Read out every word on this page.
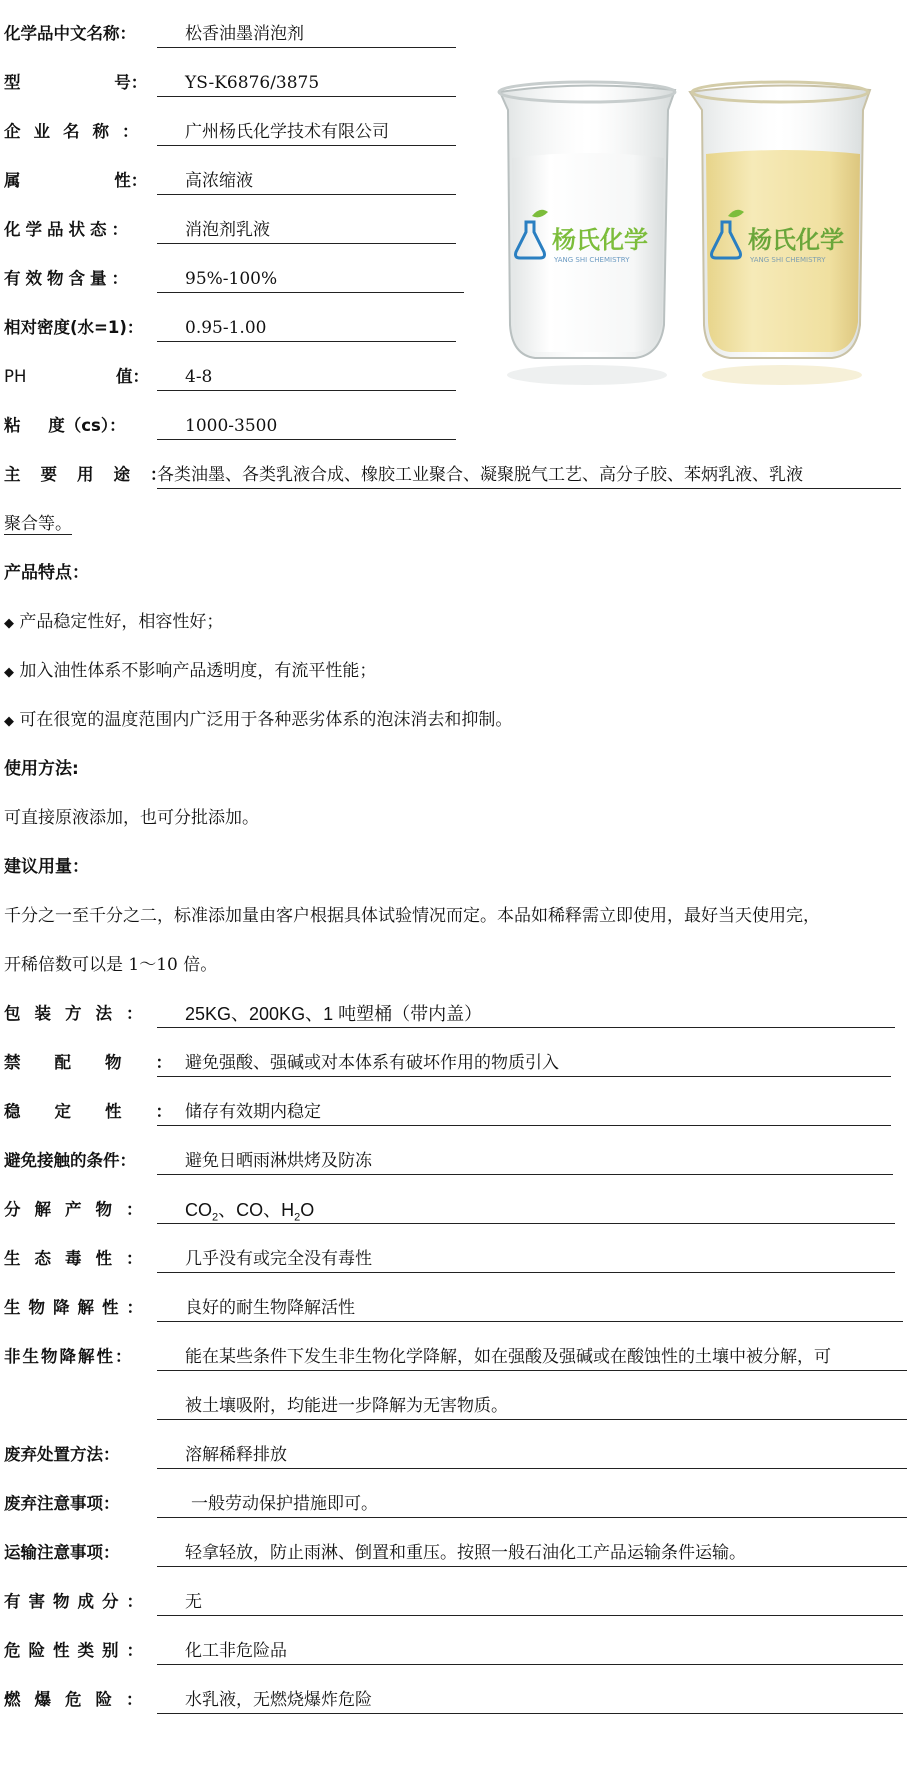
化学品中文名称：	松香油墨消泡剂
型 号：	YS-K6876/3875
企业名称：	广州杨氏化学技术有限公司
属 性：	高浓缩液
化学品状态：	消泡剂乳液
有效物含量：	95%-100%
相对密度(水=1)：	0.95-1.00
PH	值：	4-8
粘 度（cs）：	1000-3500
主要用途：
各类油墨、各类乳液合成、橡胶工业聚合、凝聚脱气工艺、高分子胶、苯炳乳液、乳液
聚合等。
杨氏化学
YANG SHI CHEMISTRY
杨氏化学
YANG SHI CHEMISTRY
产品特点：
◆ 产品稳定性好，相容性好；
◆ 加入油性体系不影响产品透明度，有流平性能；
◆ 可在很宽的温度范围内广泛用于各种恶劣体系的泡沫消去和抑制。
使用方法:
可直接原液添加，也可分批添加。
建议用量：
千分之一至千分之二，标准添加量由客户根据具体试验情况而定。本品如稀释需立即使用，最好当天使用完，
开稀倍数可以是 1～10 倍。
包装方法：	25KG、200KG、1 吨塑桶（带内盖）
禁配物：
避免强酸、强碱或对本体系有破坏作用的物质引入
稳定性：
储存有效期内稳定
避免接触的条件：	避免日晒雨淋烘烤及防冻
分解产物：	$CO_2$、CO、$H_2O$
生态毒性：	几乎没有或完全没有毒性
生物降解性：	良好的耐生物降解活性
非生物降解性：	能在某些条件下发生非生物化学降解，如在强酸及强碱或在酸蚀性的土壤中被分解，可
被土壤吸附，均能进一步降解为无害物质。
废弃处置方法：	溶解稀释排放
废弃注意事项：	一般劳动保护措施即可。
运输注意事项：	轻拿轻放，防止雨淋、倒置和重压。按照一般石油化工产品运输条件运输。
有害物成分：	无
危险性类别：	化工非危险品
燃爆危险：	水乳液，无燃烧爆炸危险
